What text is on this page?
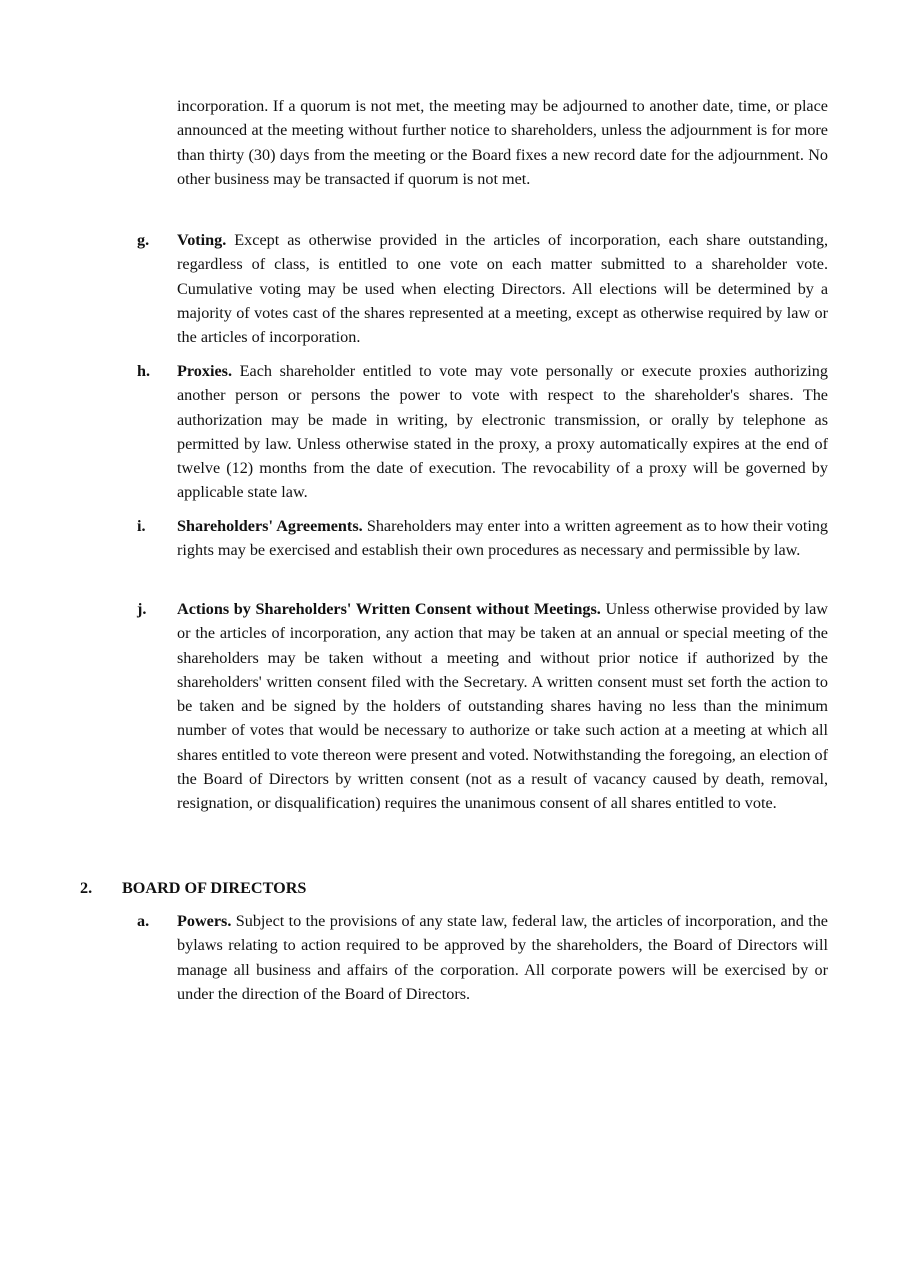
incorporation. If a quorum is not met, the meeting may be adjourned to another date, time, or place announced at the meeting without further notice to shareholders, unless the adjournment is for more than thirty (30) days from the meeting or the Board fixes a new record date for the adjournment. No other business may be transacted if quorum is not met.

g. Voting. Except as otherwise provided in the articles of incorporation, each share outstanding, regardless of class, is entitled to one vote on each matter submitted to a shareholder vote. Cumulative voting may be used when electing Directors. All elections will be determined by a majority of votes cast of the shares represented at a meeting, except as otherwise required by law or the articles of incorporation.

h. Proxies. Each shareholder entitled to vote may vote personally or execute proxies authorizing another person or persons the power to vote with respect to the shareholder's shares. The authorization may be made in writing, by electronic transmission, or orally by telephone as permitted by law. Unless otherwise stated in the proxy, a proxy automatically expires at the end of twelve (12) months from the date of execution. The revocability of a proxy will be governed by applicable state law.

i. Shareholders' Agreements. Shareholders may enter into a written agreement as to how their voting rights may be exercised and establish their own procedures as necessary and permissible by law.

j. Actions by Shareholders' Written Consent without Meetings. Unless otherwise provided by law or the articles of incorporation, any action that may be taken at an annual or special meeting of the shareholders may be taken without a meeting and without prior notice if authorized by the shareholders' written consent filed with the Secretary. A written consent must set forth the action to be taken and be signed by the holders of outstanding shares having no less than the minimum number of votes that would be necessary to authorize or take such action at a meeting at which all shares entitled to vote thereon were present and voted. Notwithstanding the foregoing, an election of the Board of Directors by written consent (not as a result of vacancy caused by death, removal, resignation, or disqualification) requires the unanimous consent of all shares entitled to vote.

2. BOARD OF DIRECTORS
a. Powers. Subject to the provisions of any state law, federal law, the articles of incorporation, and the bylaws relating to action required to be approved by the shareholders, the Board of Directors will manage all business and affairs of the corporation. All corporate powers will be exercised by or under the direction of the Board of Directors.
